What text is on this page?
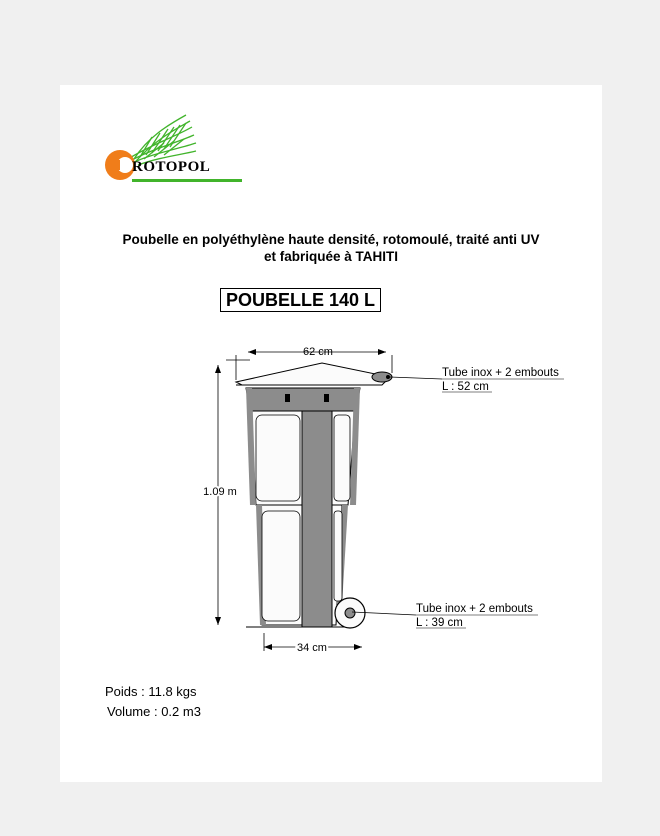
ROTOPOL
Poubelle en polyéthylène haute densité, rotomoulé, traité anti UV
et fabriquée à TAHITI
POUBELLE 140 L
62 cm
1.09 m
34 cm
Tube inox + 2 embouts
L : 52 cm
Tube inox + 2 embouts
L : 39 cm
Poids : 11.8 kgs
Volume : 0.2 m3
